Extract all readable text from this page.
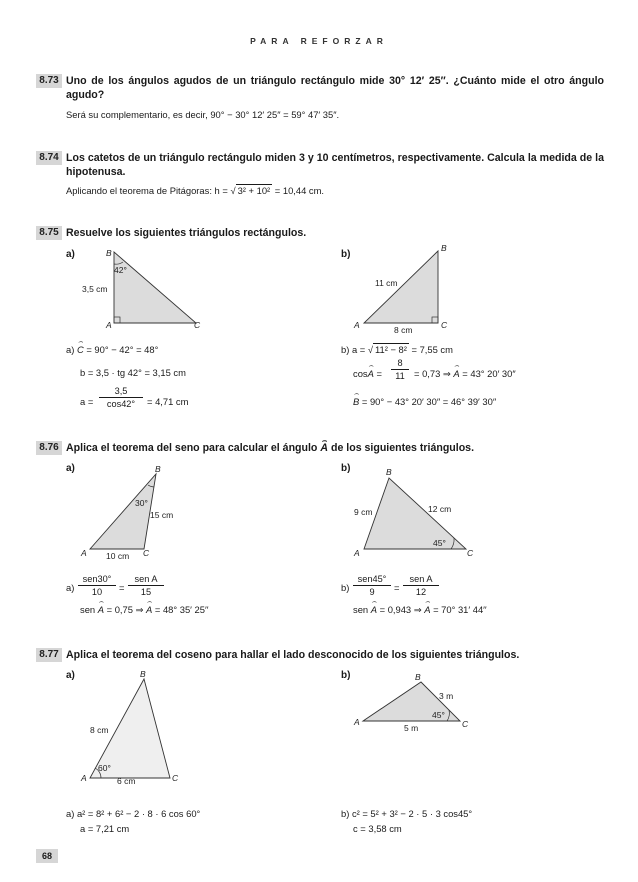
PARA REFORZAR
8.73 Uno de los ángulos agudos de un triángulo rectángulo mide 30° 12′ 25″. ¿Cuánto mide el otro ángulo agudo?
Será su complementario, es decir, 90° − 30° 12′ 25″ = 59° 47′ 35″.
8.74 Los catetos de un triángulo rectángulo miden 3 y 10 centímetros, respectivamente. Calcula la medida de la hipotenusa.
Aplicando el teorema de Pitágoras: h = √ 3² + 10² = 10,44 cm.
8.75 Resuelve los siguientes triángulos rectángulos.
a)	b)
B
A	C
42°
3,5 cm
B
A	C
11 cm
8 cm
B
A	C
30°
15 cm
10 cm
B
A	C
9 cm	12 cm
45°
B
A	C
8 cm
60°
6 cm
B
A	C
3 m
45°
5 m
a) ⌢ C = 90° − 42° = 48°
b = 3,5 · tg 42° = 3,15 cm
$a = \frac{3,5}{\cos 42^\circ} = 4,71$ cm
b) a = √ 11² − 8² = 7,55 cm
cos⌢ $A = \frac{8}{11} = 0,73$ ⇒ ⌢ A = 43° 20′ 30″
⌢ B = 90° − 43° 20′ 30″ = 46° 39′ 30″
8.76 Aplica el teorema del seno para calcular el ángulo ⌢ A de los siguientes triángulos.
a)	b)
a)
sen30°
10	=
sen A
15
sen ⌢ A = 0,75 ⇒ ⌢ A = 48° 35′ 25′′
b)
sen45°
9	=
sen A
12
sen ⌢ A = 0,943 ⇒ ⌢ A = 70° 31′ 44′′
8.77 Aplica el teorema del coseno para hallar el lado desconocido de los siguientes triángulos.
a)	b)
a) a² = 8² + 6² − 2 · 8 · 6 cos 60°
a = 7,21 cm
b) c² = 5² + 3² − 2 · 5 · 3 cos45°
c = 3,58 cm
68
